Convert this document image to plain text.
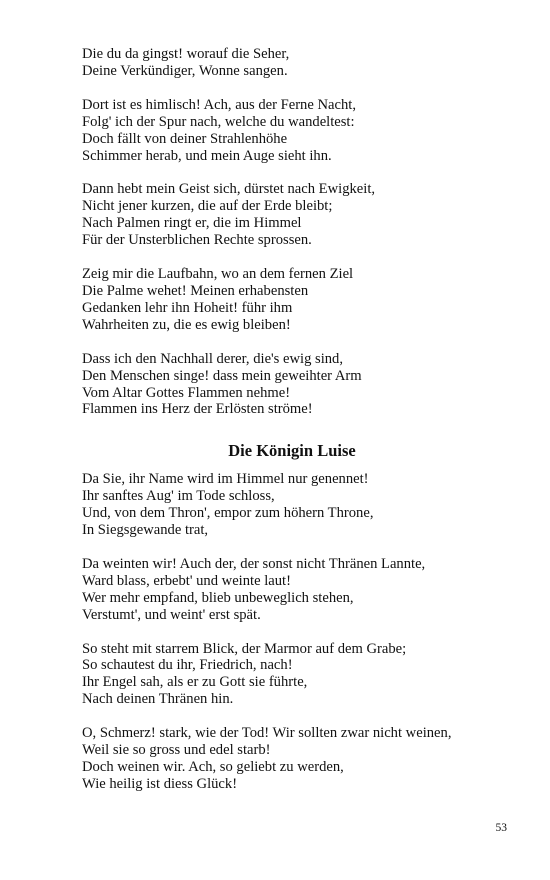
Die du da gingst! worauf die Seher,
Deine Verkündiger, Wonne sangen.
Dort ist es himlisch! Ach, aus der Ferne Nacht,
Folg' ich der Spur nach, welche du wandeltest:
Doch fällt von deiner Strahlenhöhe
Schimmer herab, und mein Auge sieht ihn.
Dann hebt mein Geist sich, dürstet nach Ewigkeit,
Nicht jener kurzen, die auf der Erde bleibt;
Nach Palmen ringt er, die im Himmel
Für der Unsterblichen Rechte sprossen.
Zeig mir die Laufbahn, wo an dem fernen Ziel
Die Palme wehet! Meinen erhabensten
Gedanken lehr ihn Hoheit! führ ihm
Wahrheiten zu, die es ewig bleiben!
Dass ich den Nachhall derer, die's ewig sind,
Den Menschen singe! dass mein geweihter Arm
Vom Altar Gottes Flammen nehme!
Flammen ins Herz der Erlösten ströme!
Die Königin Luise
Da Sie, ihr Name wird im Himmel nur genennet!
Ihr sanftes Aug' im Tode schloss,
Und, von dem Thron', empor zum höhern Throne,
In Siegsgewande trat,
Da weinten wir! Auch der, der sonst nicht Thränen Lannte,
Ward blass, erbebt' und weinte laut!
Wer mehr empfand, blieb unbeweglich stehen,
Verstumt', und weint' erst spät.
So steht mit starrem Blick, der Marmor auf dem Grabe;
So schautest du ihr, Friedrich, nach!
Ihr Engel sah, als er zu Gott sie führte,
Nach deinen Thränen hin.
O, Schmerz! stark, wie der Tod! Wir sollten zwar nicht weinen,
Weil sie so gross und edel starb!
Doch weinen wir. Ach, so geliebt zu werden,
Wie heilig ist diess Glück!
53
